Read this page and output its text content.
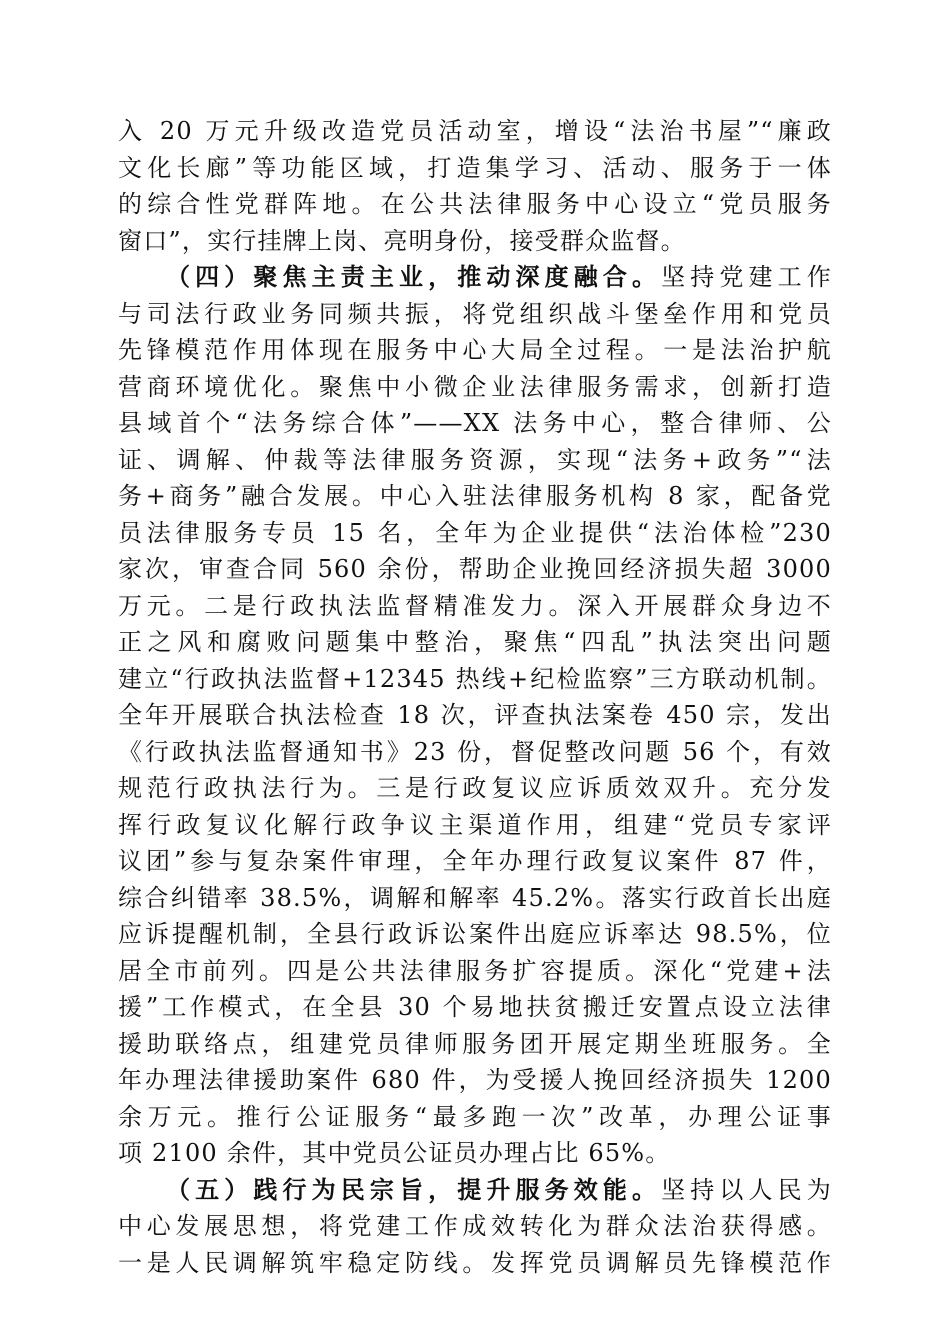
入 20 万元升级改造党员活动室，增设“法治书屋”“廉政
文化长廊”等功能区域，打造集学习、活动、服务于一体
的综合性党群阵地。在公共法律服务中心设立“党员服务
窗口”，实行挂牌上岗、亮明身份，接受群众监督。
（四）聚焦主责主业，推动深度融合。坚持党建工作
与司法行政业务同频共振，将党组织战斗堡垒作用和党员
先锋模范作用体现在服务中心大局全过程。一是法治护航
营商环境优化。聚焦中小微企业法律服务需求，创新打造
县域首个“法务综合体”——XX 法务中心，整合律师、公
证、调解、仲裁等法律服务资源，实现“法务+政务”“法
务+商务”融合发展。中心入驻法律服务机构 8 家，配备党
员法律服务专员 15 名，全年为企业提供“法治体检”230
家次，审查合同 560 余份，帮助企业挽回经济损失超 3000
万元。二是行政执法监督精准发力。深入开展群众身边不
正之风和腐败问题集中整治，聚焦“四乱”执法突出问题
建立“行政执法监督+12345 热线+纪检监察”三方联动机制。
全年开展联合执法检查 18 次，评查执法案卷 450 宗，发出
《行政执法监督通知书》23 份，督促整改问题 56 个，有效
规范行政执法行为。三是行政复议应诉质效双升。充分发
挥行政复议化解行政争议主渠道作用，组建“党员专家评
议团”参与复杂案件审理，全年办理行政复议案件 87 件，
综合纠错率 38.5%，调解和解率 45.2%。落实行政首长出庭
应诉提醒机制，全县行政诉讼案件出庭应诉率达 98.5%，位
居全市前列。四是公共法律服务扩容提质。深化“党建+法
援”工作模式，在全县 30 个易地扶贫搬迁安置点设立法律
援助联络点，组建党员律师服务团开展定期坐班服务。全
年办理法律援助案件 680 件，为受援人挽回经济损失 1200
余万元。推行公证服务“最多跑一次”改革，办理公证事
项 2100 余件，其中党员公证员办理占比 65%。
（五）践行为民宗旨，提升服务效能。坚持以人民为
中心发展思想，将党建工作成效转化为群众法治获得感。
一是人民调解筑牢稳定防线。发挥党员调解员先锋模范作
